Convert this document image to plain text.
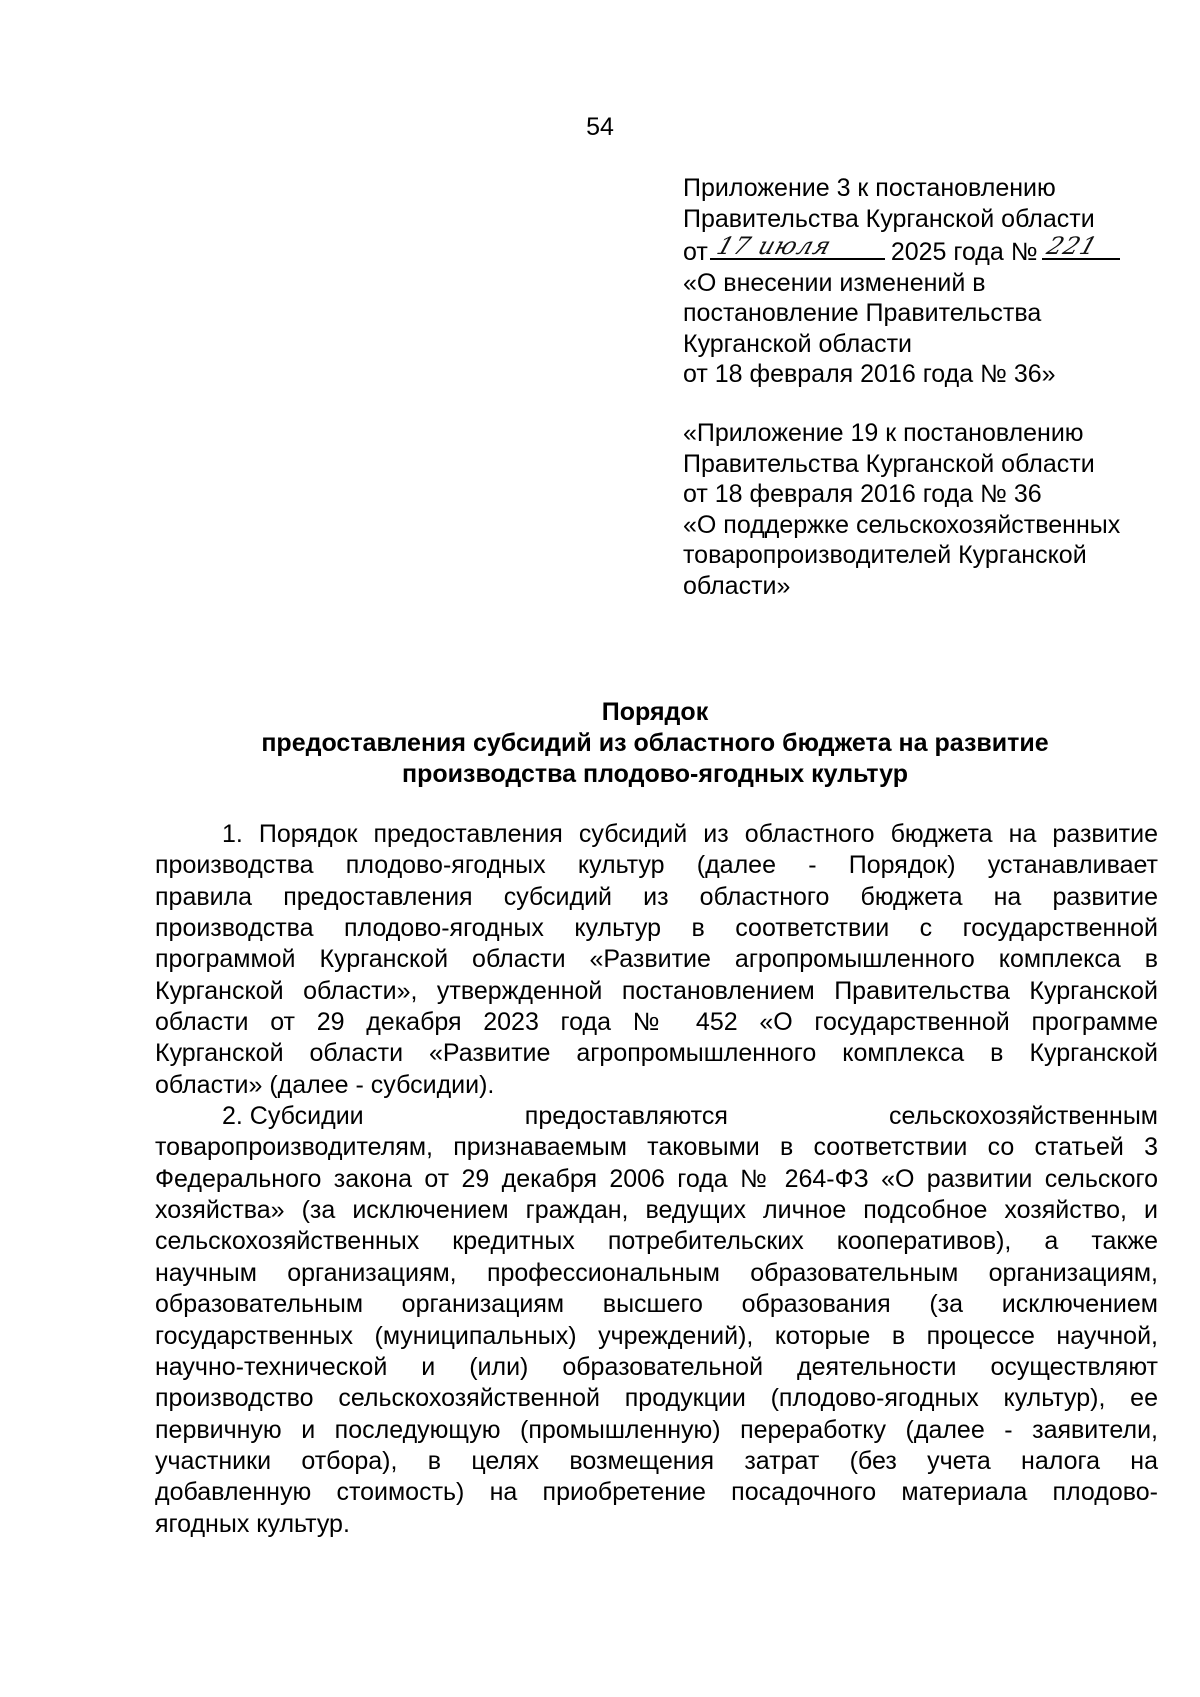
54
Приложение 3 к постановлению
Правительства Курганской области
от 17 июля 2025 года № 221
«О внесении изменений в
постановление Правительства
Курганской области
от 18 февраля 2016 года № 36»
«Приложение 19 к постановлению
Правительства Курганской области
от 18 февраля 2016 года № 36
«О поддержке сельскохозяйственных
товаропроизводителей Курганской
области»
Порядок
предоставления субсидий из областного бюджета на развитие
производства плодово-ягодных культур
1. Порядок предоставления субсидий из областного бюджета на развитие
производства плодово-ягодных культур (далее - Порядок) устанавливает
правила предоставления субсидий из областного бюджета на развитие
производства плодово-ягодных культур в соответствии с государственной
программой Курганской области «Развитие агропромышленного комплекса в
Курганской области», утвержденной постановлением Правительства Курганской
области от 29 декабря 2023 года № 452 «О государственной программе
Курганской области «Развитие агропромышленного комплекса в Курганской
области» (далее - субсидии).
2. Субсидии	предоставляются	сельскохозяйственным
товаропроизводителям, признаваемым таковыми в соответствии со статьей 3
Федерального закона от 29 декабря 2006 года № 264-ФЗ «О развитии сельского
хозяйства» (за исключением граждан, ведущих личное подсобное хозяйство, и
сельскохозяйственных кредитных потребительских кооперативов), а также
научным организациям, профессиональным образовательным организациям,
образовательным организациям высшего образования (за исключением
государственных (муниципальных) учреждений), которые в процессе научной,
научно-технической и (или) образовательной деятельности осуществляют
производство сельскохозяйственной продукции (плодово-ягодных культур), ее
первичную и последующую (промышленную) переработку (далее - заявители,
участники отбора), в целях возмещения затрат (без учета налога на
добавленную стоимость) на приобретение посадочного материала плодово-
ягодных культур.
